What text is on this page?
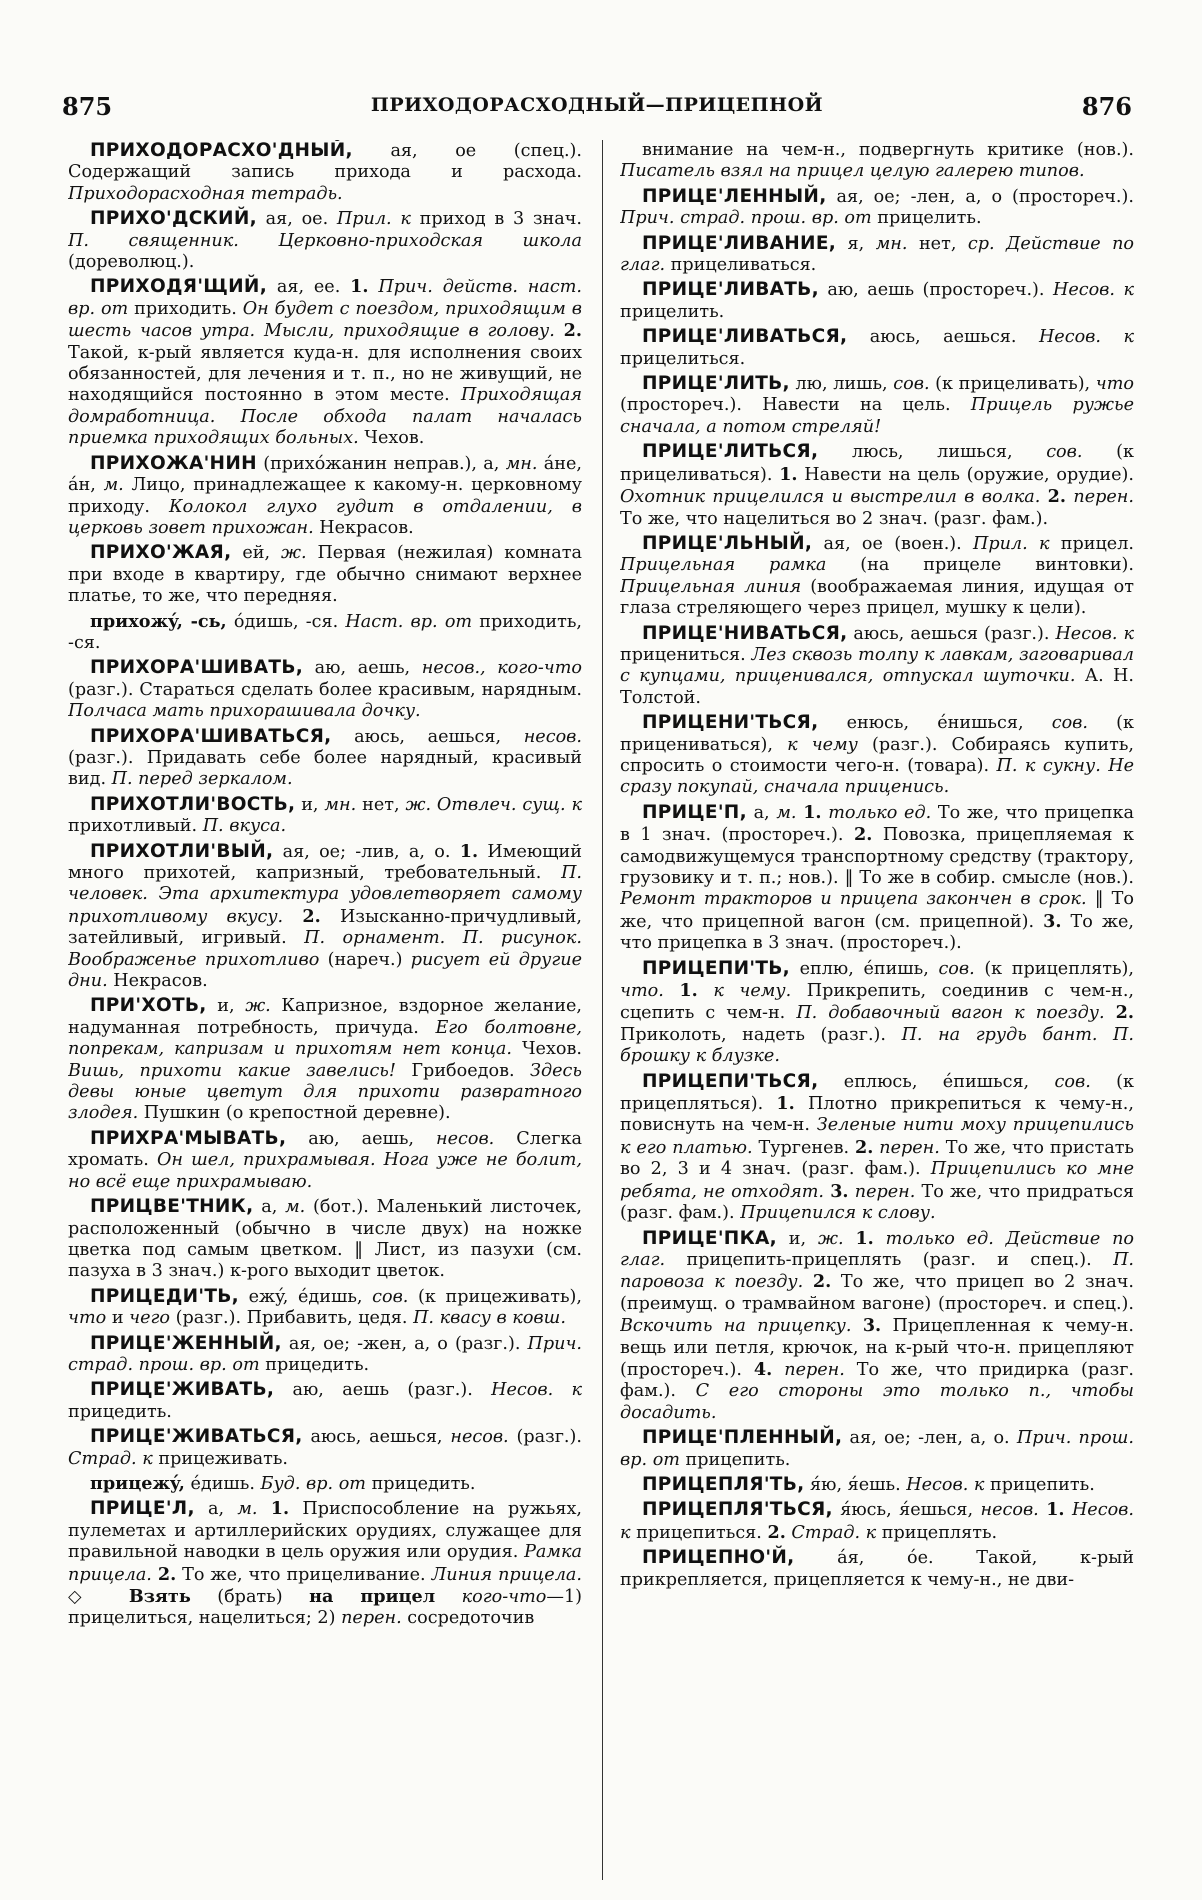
875	ПРИХОДОРАСХОДНЫЙ—ПРИЦЕПНОЙ	876

ПРИХОДОРАСХО'ДНЫЙ, ая, ое (спец.). Содержащий запись прихода и расхода. Приходорасходная тетрадь.

ПРИХО'ДСКИЙ, ая, ое. Прил. к приход в 3 знач. П. священник. Церковно-приходская школа (дореволюц.).

ПРИХОДЯ'ЩИЙ, ая, ее. 1. Прич. действ. наст. вр. от приходить. Он будет с поездом, приходящим в шесть часов утра. Мысли, приходящие в голову. 2. Такой, к-рый является куда-н. для исполнения своих обязанностей, для лечения и т. п., но не живущий, не находящийся постоянно в этом месте. Приходящая домработница. После обхода палат началась приемка приходящих больных. Чехов.

ПРИХОЖА'НИН (прихóжанин неправ.), а, мн. áне, áн, м. Лицо, принадлежащее к какому-н. церковному приходу. Колокол глухо гудит в отдалении, в церковь зовет прихожан. Некрасов.

ПРИХО'ЖАЯ, ей, ж. Первая (нежилая) комната при входе в квартиру, где обычно снимают верхнее платье, то же, что передняя.

прихожý, -сь, óдишь, -ся. Наст. вр. от приходить, -ся.

ПРИХОРА'ШИВАТЬ, аю, аешь, несов., кого-что (разг.). Стараться сделать более красивым, нарядным. Полчаса мать прихорашивала дочку.

ПРИХОРА'ШИВАТЬСЯ, аюсь, аешься, несов. (разг.). Придавать себе более нарядный, красивый вид. П. перед зеркалом.

ПРИХОТЛИ'ВОСТЬ, и, мн. нет, ж. Отвлеч. сущ. к прихотливый. П. вкуса.

ПРИХОТЛИ'ВЫЙ, ая, ое; -лив, а, о. 1. Имеющий много прихотей, капризный, требовательный. П. человек. Эта архитектура удовлетворяет самому прихотливому вкусу. 2. Изысканно-причудливый, затейливый, игривый. П. орнамент. П. рисунок. Воображенье прихотливо (нареч.) рисует ей другие дни. Некрасов.

ПРИ'ХОТЬ, и, ж. Капризное, вздорное желание, надуманная потребность, причуда. Его болтовне, попрекам, капризам и прихотям нет конца. Чехов. Вишь, прихоти какие завелись! Грибоедов. Здесь девы юные цветут для прихоти развратного злодея. Пушкин (о крепостной деревне).

ПРИХРА'МЫВАТЬ, аю, аешь, несов. Слегка хромать. Он шел, прихрамывая. Нога уже не болит, но всё еще прихрамываю.

ПРИЦВЕ'ТНИК, а, м. (бот.). Маленький листочек, расположенный (обычно в числе двух) на ножке цветка под самым цветком. ‖ Лист, из пазухи (см. пазуха в 3 знач.) к-рого выходит цветок.

ПРИЦЕДИ'ТЬ, ежý, éдишь, сов. (к прицеживать), что и чего (разг.). Прибавить, цедя. П. квасу в ковш.

ПРИЦЕ'ЖЕННЫЙ, ая, ое; -жен, а, о (разг.). Прич. страд. прош. вр. от прицедить.

ПРИЦЕ'ЖИВАТЬ, аю, аешь (разг.). Несов. к прицедить.

ПРИЦЕ'ЖИВАТЬСЯ, аюсь, аешься, несов. (разг.). Страд. к прицеживать.

прицежý, éдишь. Буд. вр. от прицедить.

ПРИЦЕ'Л, а, м. 1. Приспособление на ружьях, пулеметах и артиллерийских орудиях, служащее для правильной наводки в цель оружия или орудия. Рамка прицела. 2. То же, что прицеливание. Линия прицела. ◇ Взять (брать) на прицел кого-что—1) прицелиться, нацелиться; 2) перен. сосредоточив

внимание на чем-н., подвергнуть критике (нов.). Писатель взял на прицел целую галерею типов.

ПРИЦЕ'ЛЕННЫЙ, ая, ое; -лен, а, о (простореч.). Прич. страд. прош. вр. от прицелить.

ПРИЦЕ'ЛИВАНИЕ, я, мн. нет, ср. Действие по глаг. прицеливаться.

ПРИЦЕ'ЛИВАТЬ, аю, аешь (простореч.). Несов. к прицелить.

ПРИЦЕ'ЛИВАТЬСЯ, аюсь, аешься. Несов. к прицелиться.

ПРИЦЕ'ЛИТЬ, лю, лишь, сов. (к прицеливать), что (простореч.). Навести на цель. Прицель ружье сначала, а потом стреляй!

ПРИЦЕ'ЛИТЬСЯ, люсь, лишься, сов. (к прицеливаться). 1. Навести на цель (оружие, орудие). Охотник прицелился и выстрелил в волка. 2. перен. То же, что нацелиться во 2 знач. (разг. фам.).

ПРИЦЕ'ЛЬНЫЙ, ая, ое (воен.). Прил. к прицел. Прицельная рамка (на прицеле винтовки). Прицельная линия (воображаемая линия, идущая от глаза стреляющего через прицел, мушку к цели).

ПРИЦЕ'НИВАТЬСЯ, аюсь, аешься (разг.). Несов. к прицениться. Лез сквозь толпу к лавкам, заговаривал с купцами, приценивался, отпускал шуточки. А. Н. Толстой.

ПРИЦЕНИ'ТЬСЯ, енюсь, éнишься, сов. (к прицениваться), к чему (разг.). Собираясь купить, спросить о стоимости чего-н. (товара). П. к сукну. Не сразу покупай, сначала прицениcь.

ПРИЦЕ'П, а, м. 1. только ед. То же, что прицепка в 1 знач. (простореч.). 2. Повозка, прицепляемая к самодвижущемуся транспортному средству (трактору, грузовику и т. п.; нов.). ‖ То же в собир. смысле (нов.). Ремонт тракторов и прицепа закончен в срок. ‖ То же, что прицепной вагон (см. прицепной). 3. То же, что прицепка в 3 знач. (простореч.).

ПРИЦЕПИ'ТЬ, еплю, éпишь, сов. (к прицеплять), что. 1. к чему. Прикрепить, соединив с чем-н., сцепить с чем-н. П. добавочный вагон к поезду. 2. Приколоть, надеть (разг.). П. на грудь бант. П. брошку к блузке.

ПРИЦЕПИ'ТЬСЯ, еплюсь, éпишься, сов. (к прицепляться). 1. Плотно прикрепиться к чему-н., повиснуть на чем-н. Зеленые нити моху прицепились к его платью. Тургенев. 2. перен. То же, что пристать во 2, 3 и 4 знач. (разг. фам.). Прицепились ко мне ребята, не отходят. 3. перен. То же, что придраться (разг. фам.). Прицепился к слову.

ПРИЦЕ'ПКА, и, ж. 1. только ед. Действие по глаг. прицепить-прицеплять (разг. и спец.). П. паровоза к поезду. 2. То же, что прицеп во 2 знач. (преимущ. о трамвайном вагоне) (простореч. и спец.). Вскочить на прицепку. 3. Прицепленная к чему-н. вещь или петля, крючок, на к-рый что-н. прицепляют (простореч.). 4. перен. То же, что придирка (разг. фам.). С его стороны это только п., чтобы досадить.

ПРИЦЕ'ПЛЕННЫЙ, ая, ое; -лен, а, о. Прич. прош. вр. от прицепить.

ПРИЦЕПЛЯ'ТЬ, я́ю, я́ешь. Несов. к прицепить.

ПРИЦЕПЛЯ'ТЬСЯ, я́юсь, я́ешься, несов. 1. Несов. к прицепиться. 2. Страд. к прицеплять.

ПРИЦЕПНО'Й, áя, óе. Такой, к-рый прикрепляется, прицепляется к чему-н., не дви-
